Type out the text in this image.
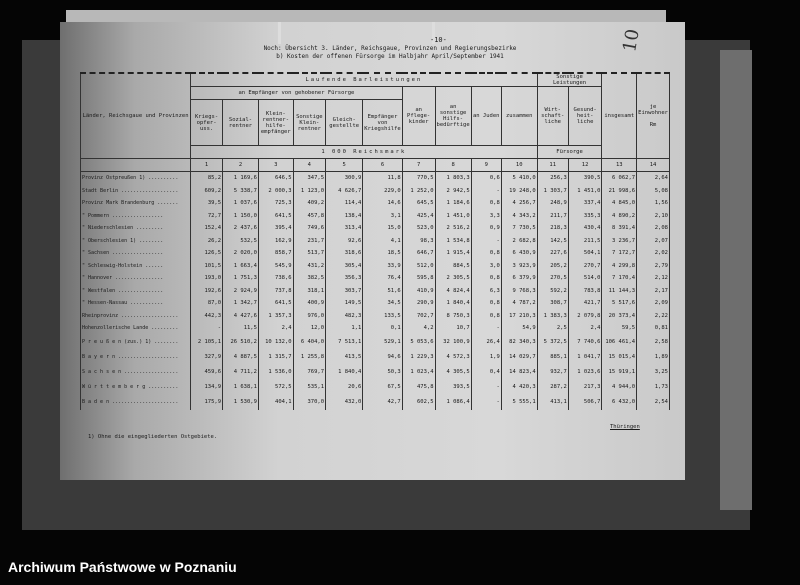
-10-	10
Noch: Übersicht 3. Länder, Reichsgaue, Provinzen und Regierungsbezirke
b) Kosten der offenen Fürsorge im Halbjahr April/September 1941
Länder, Reichsgaue und Provinzen	Laufende Barleistungen										Sonstige Leistungen		insgesamt	je Einwohner

Rm
	an Empfänger von gehobener Fürsorge						an Pflege-kinder	an sonstige Hilfs-bedürftige	an Juden	zusammen	Wirt-schaft-liche	Gesund-heit-liche		
	Kriegs-opfer-uss.	Sozial-rentner	Klein-rentner-hilfe-empfänger	Sonstige Klein-rentner	Gleich-gestellte	Empfänger von Kriegshilfe								
	1 000 Reichsmark										Fürsorge			
	1	2	3	4	5	6	7	8	9	10	11	12	13	14
Provinz Ostpreußen 1) ..........	85,2	1 169,6	646,5	347,5	300,9	11,8	770,5	1 803,3	0,6	5 410,0	256,3	390,5	6 062,7	2,64
Stadt Berlin ...................	609,2	5 338,7	2 000,3	1 123,0	4 626,7	229,0	1 252,0	2 942,5	-	19 248,0	1 303,7	1 451,0	21 998,6	5,08
Provinz Mark Brandenburg .......	39,5	1 037,6	725,3	409,2	114,4	14,6	645,5	1 184,6	0,8	4 256,7	248,9	337,4	4 845,0	1,56
" Pommern .................	72,7	1 150,0	641,5	457,8	138,4	3,1	425,4	1 451,0	3,3	4 343,2	211,7	335,3	4 890,2	2,10
" Niederschlesien .........	152,4	2 437,6	395,4	749,6	313,4	15,0	523,0	2 516,2	0,9	7 730,5	218,3	430,4	8 391,4	2,08
" Oberschlesien 1) ........	26,2	532,5	162,9	231,7	92,6	4,1	98,3	1 534,8	-	2 682,8	142,5	211,5	3 236,7	2,07
" Sachsen .................	126,5	2 020,0	858,7	513,7	318,6	18,5	646,7	1 915,4	0,8	6 430,9	227,6	504,1	7 172,7	2,02
" Schleswig-Holstein ......	101,5	1 663,4	545,9	431,2	305,4	33,9	512,0	884,5	3,0	3 923,9	205,2	270,7	4 299,8	2,79
" Hannover ................	193,0	1 751,3	738,6	382,5	356,3	76,4	595,8	2 305,5	0,8	6 379,9	270,5	514,0	7 170,4	2,12
" Westfalen ...............	192,6	2 924,9	737,8	318,1	303,7	51,6	410,9	4 824,4	6,3	9 768,3	592,2	783,8	11 144,3	2,17
" Hessen-Nassau ...........	87,0	1 342,7	641,5	400,9	149,5	34,5	290,9	1 840,4	0,8	4 787,2	308,7	421,7	5 517,6	2,09
Rheinprovinz ...................	442,3	4 427,6	1 357,3	976,0	482,3	133,5	702,7	8 750,3	0,8	17 210,3	1 383,3	2 079,8	20 373,4	2,22
Hohenzollerische Lande .........	-	11,5	2,4	12,0	1,1	0,1	4,2	10,7	-	54,9	2,5	2,4	59,5	0,81
P r e u ß e n (zus.) 1) ........	2 105,1	26 510,2	10 132,0	6 404,0	7 513,1	529,1	5 053,6	32 100,9	26,4	82 340,3	5 372,5	7 740,6	106 461,4	2,58
B a y e r n ....................	327,9	4 887,5	1 315,7	1 255,8	413,5	94,6	1 229,3	4 572,3	1,9	14 029,7	885,1	1 041,7	15 015,4	1,89
S a c h s e n ..................	459,6	4 711,2	1 536,0	769,7	1 840,4	50,3	1 023,4	4 305,5	0,4	14 823,4	932,7	1 023,6	15 919,1	3,25
W ü r t t e m b e r g ..........	134,9	1 638,1	572,5	535,1	20,6	67,5	475,8	393,5	-	4 420,3	287,2	217,3	4 944,0	1,73
B a d e n ......................	175,9	1 530,9	404,1	370,0	432,0	42,7	602,5	1 086,4	-	5 555,1	413,1	506,7	6 432,0	2,54
1) Ohne die eingegliederten Ostgebiete.
Thüringen
Archiwum Państwowe w Poznaniu
